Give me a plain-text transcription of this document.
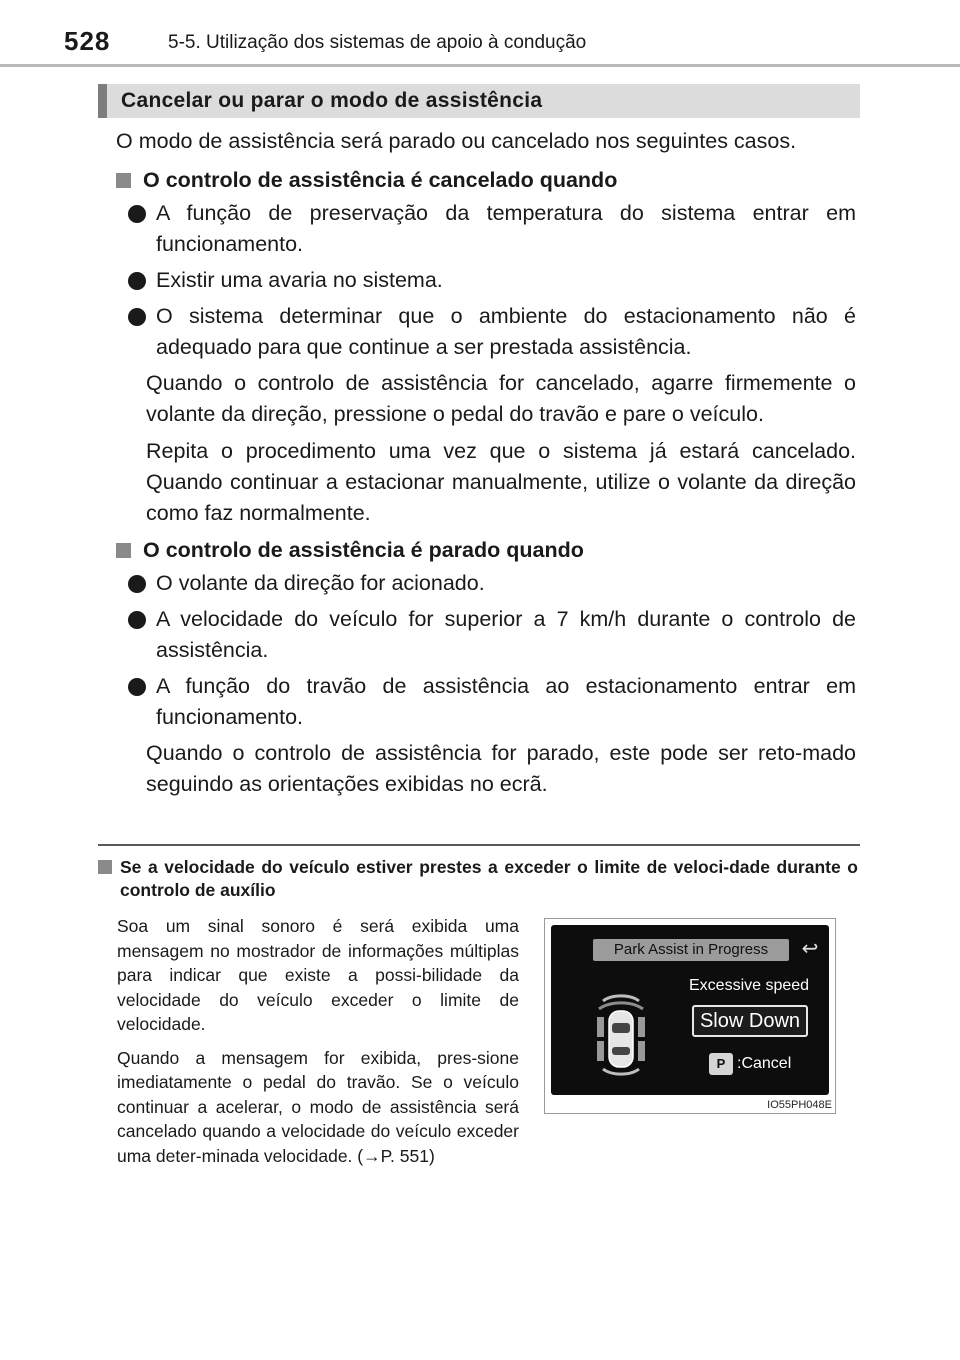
528	5-5. Utilização dos sistemas de apoio à condução
Cancelar ou parar o modo de assistência

O modo de assistência será parado ou cancelado nos seguintes casos.

O controlo de assistência é cancelado quando
A função de preservação da temperatura do sistema entrar em funcionamento.
Existir uma avaria no sistema.
O sistema determinar que o ambiente do estacionamento não é adequado para que continue a ser prestada assistência.

Quando o controlo de assistência for cancelado, agarre firmemente o volante da direção, pressione o pedal do travão e pare o veículo.

Repita o procedimento uma vez que o sistema já estará cancelado. Quando continuar a estacionar manualmente, utilize o volante da direção como faz normalmente.

O controlo de assistência é parado quando
O volante da direção for acionado.
A velocidade do veículo for superior a 7 km/h durante o controlo de assistência.
A função do travão de assistência ao estacionamento entrar em funcionamento.

Quando o controlo de assistência for parado, este pode ser reto-mado seguindo as orientações exibidas no ecrã.

Se a velocidade do veículo estiver prestes a exceder o limite de veloci-dade durante o controlo de auxílio

Soa um sinal sonoro é será exibida uma mensagem no mostrador de informações múltiplas para indicar que existe a possi-bilidade da velocidade do veículo exceder o limite de velocidade.

Quando a mensagem for exibida, pres-sione imediatamente o pedal do travão. Se o veículo continuar a acelerar, o modo de assistência será cancelado quando a velocidade do veículo exceder uma deter-minada velocidade. (→P. 551)

Park Assist in Progress	↩
Excessive speed
Slow Down
P :Cancel
IO55PH048E
